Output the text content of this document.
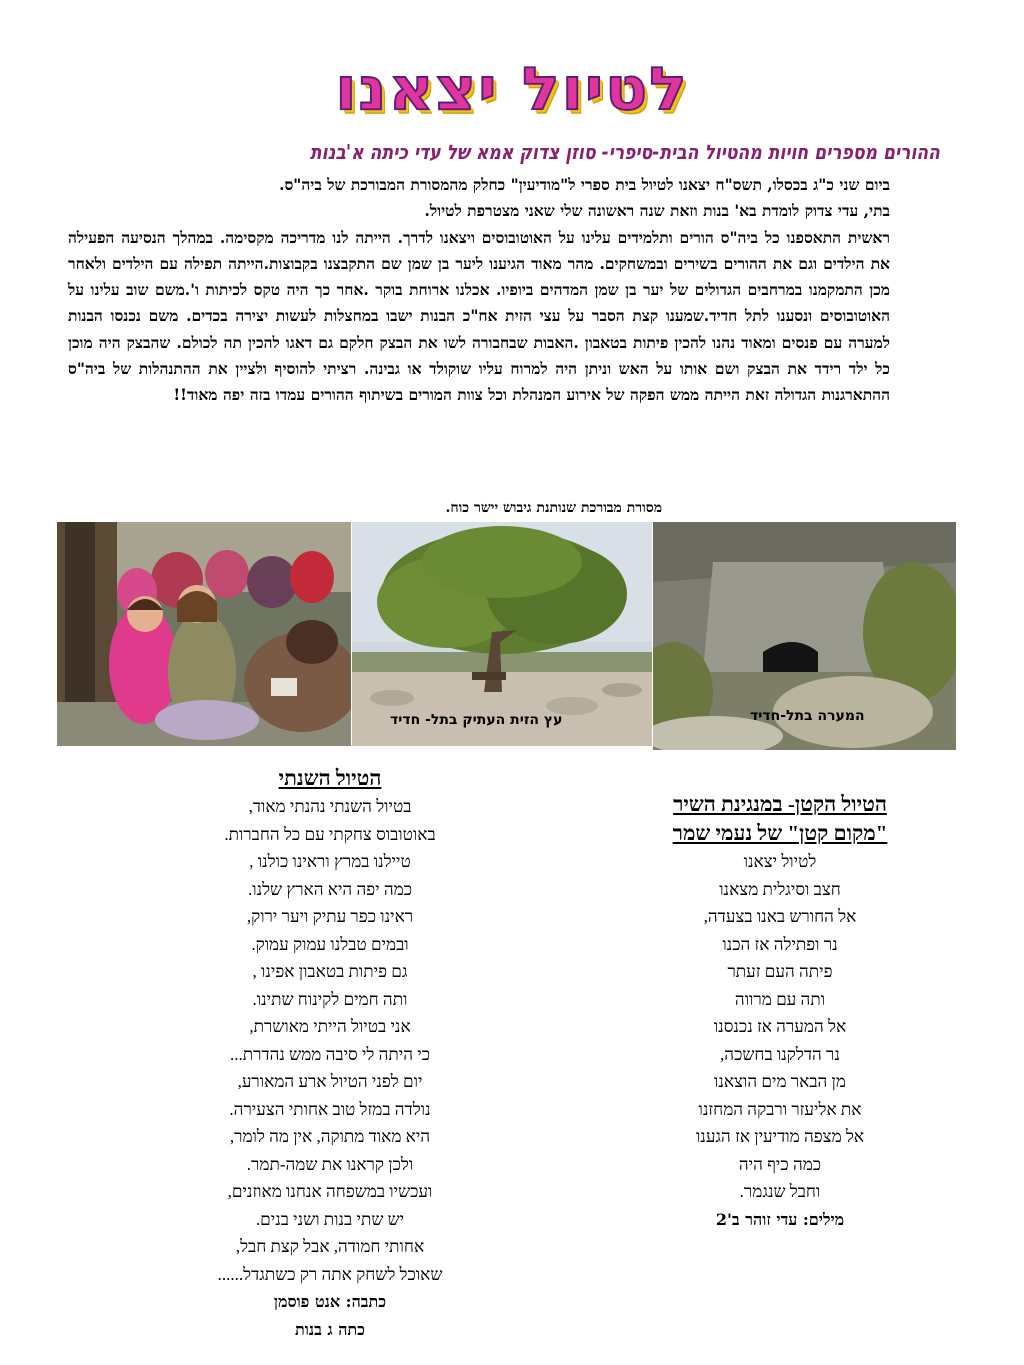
לטיול יצאנו
ההורים מספרים חויות מהטיול הבית-סיפרי- סוזן צדוק אמא של עדי כיתה א'בנות

ביום שני כ"ג בכסלו, תשס"ח יצאנו לטיול בית ספרי ל"מודיעין" כחלק מהמסורת המבורכת של ביה"ס.

בתי, עדי צדוק לומדת בא' בנות וזאת שנה ראשונה שלי שאני מצטרפת לטיול.

ראשית התאספנו כל ביה"ס הורים ותלמידים עלינו על האוטובוסים ויצאנו לדרך. הייתה לנו מדריכה מקסימה. במהלך הנסיעה הפעילה את הילדים וגם את ההורים בשירים ובמשחקים. מהר מאוד הגיענו ליער בן שמן שם התקבצנו בקבוצות.הייתה תפילה עם הילדים ולאחר מכן התמקמנו במרחבים הגדולים של יער בן שמן המדהים ביופיו. אכלנו ארוחת בוקר .אחר כך היה טקס לכיתות ו'.משם שוב עלינו על האוטובוסים ונסענו לתל חדיד.שמענו קצת הסבר על עצי הזית אח"כ הבנות ישבו במחצלות לעשות יצירה בכדים. משם נכנסו הבנות למערה עם פנסים ומאוד נהנו להכין פיתות בטאבון .האבות שבחבורה לשו את הבצק חלקם גם דאגו להכין תה לכולם. שהבצק היה מוכן כל ילד רידד את הבצק ושם אותו על האש וניתן היה למרוח עליו שוקולד או גבינה. רציתי להוסיף ולציין את ההתנהלות של ביה"ס ההתארגנות הגדולה זאת הייתה ממש הפקה של אירוע המנהלת וכל צוות המורים בשיתוף ההורים עמדו בזה יפה מאוד!!

מסורת מבורכת שנותנת גיבוש יישר כוח.
עץ הזית העתיק בתל- חדיד	המערה בתל-חדיד
הטיול הקטן- במנגינת השיר
"מקום קטן" של נעמי שמר
לטיול יצאנו
חצב וסיגלית מצאנו
אל החורש באנו בצעדה,
נר ופתילה אז הכנו
פיתה העם זעתר
ותה עם מרווה
אל המערה אז נכנסנו
נר הדלקנו בחשכה,
מן הבאר מים הוצאנו
את אליעזר ורבקה המחזנו
אל מצפה מודיעין אז הגענו
כמה כיף היה
וחבל שנגמר.
מילים: עדי זוהר ב'2
הטיול השנתי
בטיול השנתי נהנתי מאוד,
באוטובוס צחקתי עם כל החברות.
טיילנו במרץ וראינו כולנו ,
כמה יפה היא הארץ שלנו.
ראינו כפר עתיק ויער ירוק,
ובמים טבלנו עמוק עמוק.
גם פיתות בטאבון אפינו ,
ותה חמים לקינוח שתינו.
אני בטיול הייתי מאושרת,
כי היתה לי סיבה ממש נהדרת...
יום לפני הטיול ארע המאורע,
נולדה במזל טוב אחותי הצעירה.
היא מאוד מתוקה, אין מה לומר,
ולכן קראנו את שמה-תמר.
ועכשיו במשפחה אנחנו מאוזנים,
יש שתי בנות ושני בנים.
אחותי חמודה, אבל קצת חבל,
שאוכל לשחק אתה רק כשתגדל......
כתבה: אנט פוסמן
כתה ג בנות
